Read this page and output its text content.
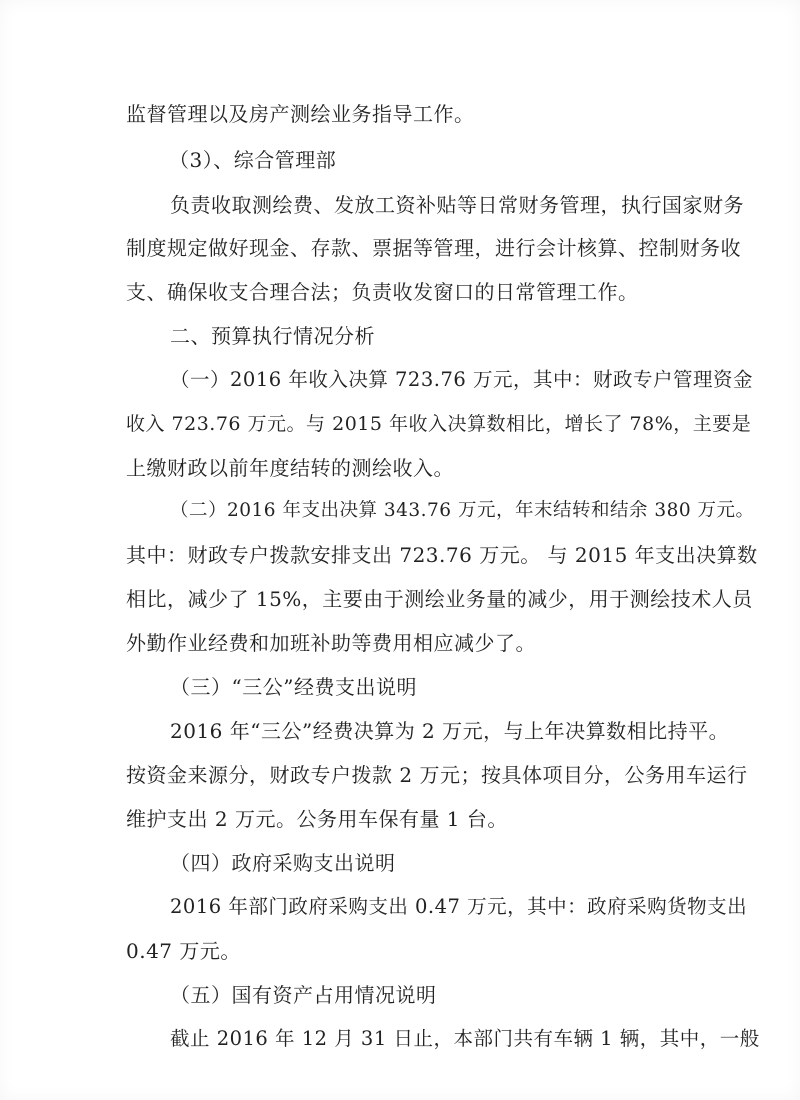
监督管理以及房产测绘业务指导工作。
（3）、综合管理部
负责收取测绘费、发放工资补贴等日常财务管理，执行国家财务
制度规定做好现金、存款、票据等管理，进行会计核算、控制财务收
支、确保收支合理合法；负责收发窗口的日常管理工作。
二、预算执行情况分析
（一）2016 年收入决算 723.76 万元，其中：财政专户管理资金
收入 723.76 万元。与 2015 年收入决算数相比，增长了 78%，主要是
上缴财政以前年度结转的测绘收入。
（二）2016 年支出决算 343.76 万元，年末结转和结余 380 万元。
其中：财政专户拨款安排支出 723.76 万元。 与 2015 年支出决算数
相比，减少了 15%，主要由于测绘业务量的减少，用于测绘技术人员
外勤作业经费和加班补助等费用相应减少了。
（三）“三公”经费支出说明
2016 年“三公”经费决算为 2 万元，与上年决算数相比持平。
按资金来源分，财政专户拨款 2 万元；按具体项目分，公务用车运行
维护支出 2 万元。公务用车保有量 1 台。
（四）政府采购支出说明
2016 年部门政府采购支出 0.47 万元，其中：政府采购货物支出
0.47 万元。
（五）国有资产占用情况说明
截止 2016 年 12 月 31 日止，本部门共有车辆 1 辆，其中，一般
